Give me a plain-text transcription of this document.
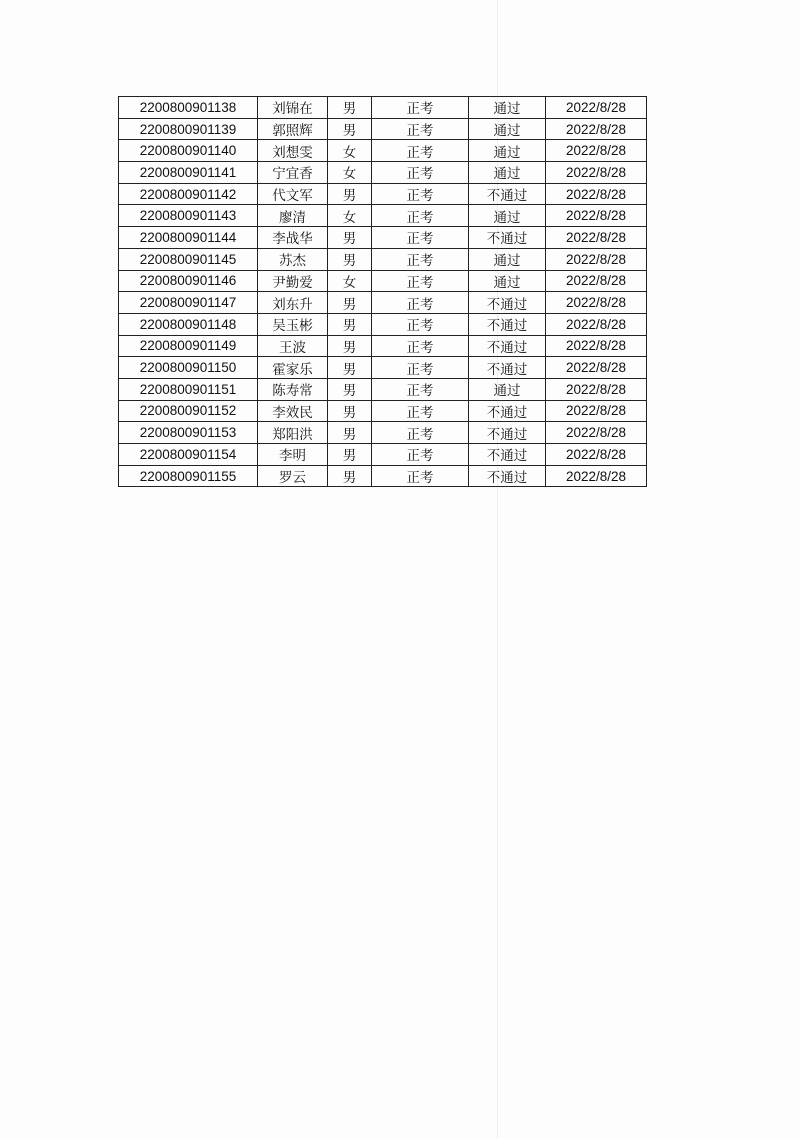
2200800901138	刘锦在	男	正考	通过	2022/8/28
2200800901139	郭照辉	男	正考	通过	2022/8/28
2200800901140	刘想雯	女	正考	通过	2022/8/28
2200800901141	宁宜香	女	正考	通过	2022/8/28
2200800901142	代文军	男	正考	不通过	2022/8/28
2200800901143	廖清	女	正考	通过	2022/8/28
2200800901144	李战华	男	正考	不通过	2022/8/28
2200800901145	苏杰	男	正考	通过	2022/8/28
2200800901146	尹勤爱	女	正考	通过	2022/8/28
2200800901147	刘东升	男	正考	不通过	2022/8/28
2200800901148	吴玉彬	男	正考	不通过	2022/8/28
2200800901149	王波	男	正考	不通过	2022/8/28
2200800901150	霍家乐	男	正考	不通过	2022/8/28
2200800901151	陈寿常	男	正考	通过	2022/8/28
2200800901152	李效民	男	正考	不通过	2022/8/28
2200800901153	郑阳洪	男	正考	不通过	2022/8/28
2200800901154	李明	男	正考	不通过	2022/8/28
2200800901155	罗云	男	正考	不通过	2022/8/28
